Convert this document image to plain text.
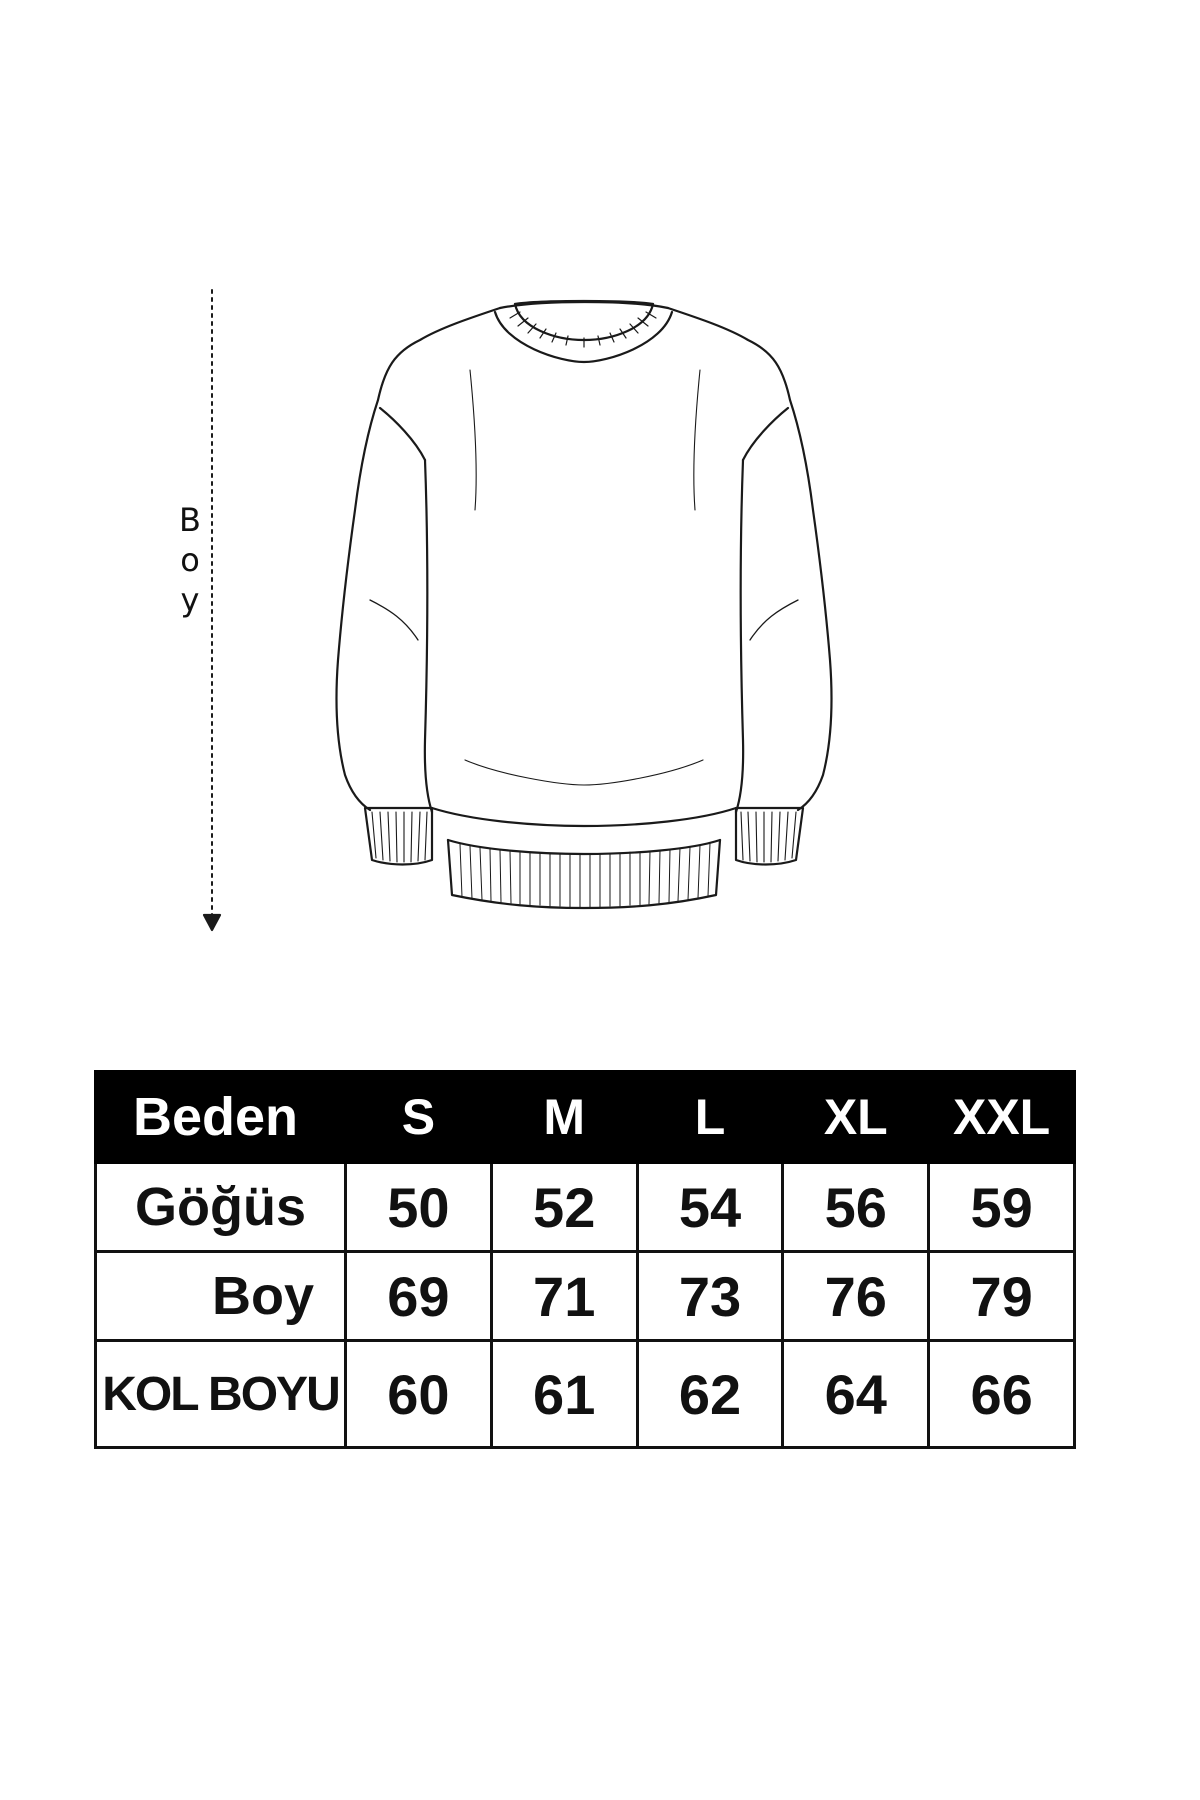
B
o
y
Beden	S	M	L	XL	XXL
Göğüs	50	52	54	56	59
Boy	69	71	73	76	79
KOL BOYU	60	61	62	64	66
